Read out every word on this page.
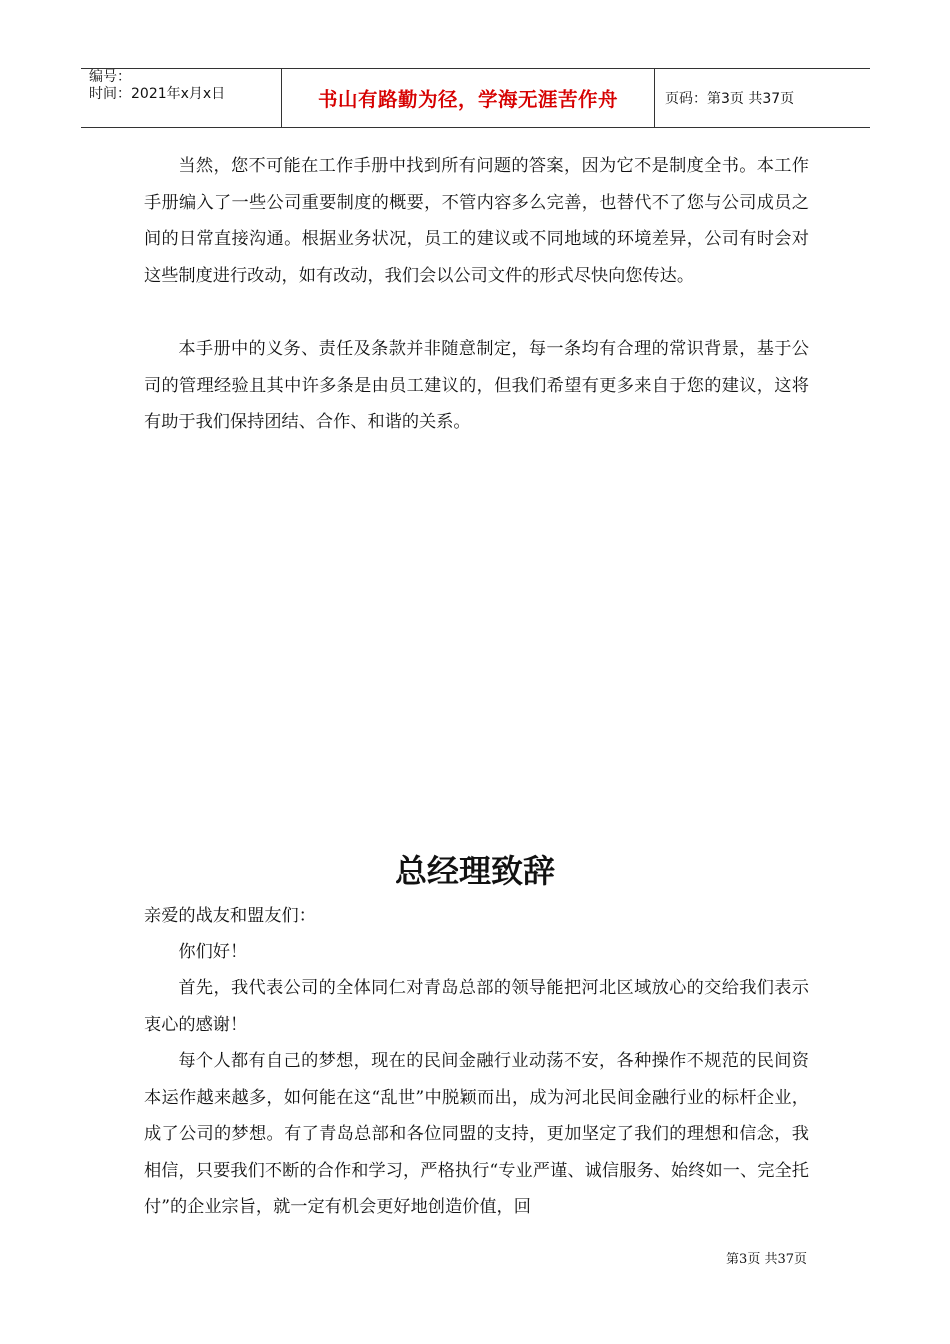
编号：
时间：2021年x月x日	书山有路勤为径，学海无涯苦作舟	页码：第3页 共37页

当然，您不可能在工作手册中找到所有问题的答案，因为它不是制度全书。本工作手册编入了一些公司重要制度的概要，不管内容多么完善，也替代不了您与公司成员之间的日常直接沟通。根据业务状况，员工的建议或不同地域的环境差异，公司有时会对这些制度进行改动，如有改动，我们会以公司文件的形式尽快向您传达。

本手册中的义务、责任及条款并非随意制定，每一条均有合理的常识背景，基于公司的管理经验且其中许多条是由员工建议的，但我们希望有更多来自于您的建议，这将有助于我们保持团结、合作、和谐的关系。

总经理致辞

亲爱的战友和盟友们：

你们好！

首先，我代表公司的全体同仁对青岛总部的领导能把河北区域放心的交给我们表示衷心的感谢！

每个人都有自己的梦想，现在的民间金融行业动荡不安，各种操作不规范的民间资本运作越来越多，如何能在这“乱世”中脱颖而出，成为河北民间金融行业的标杆企业，成了公司的梦想。有了青岛总部和各位同盟的支持，更加坚定了我们的理想和信念，我相信，只要我们不断的合作和学习，严格执行“专业严谨、诚信服务、始终如一、完全托付”的企业宗旨，就一定有机会更好地创造价值，回

第3页 共37页
